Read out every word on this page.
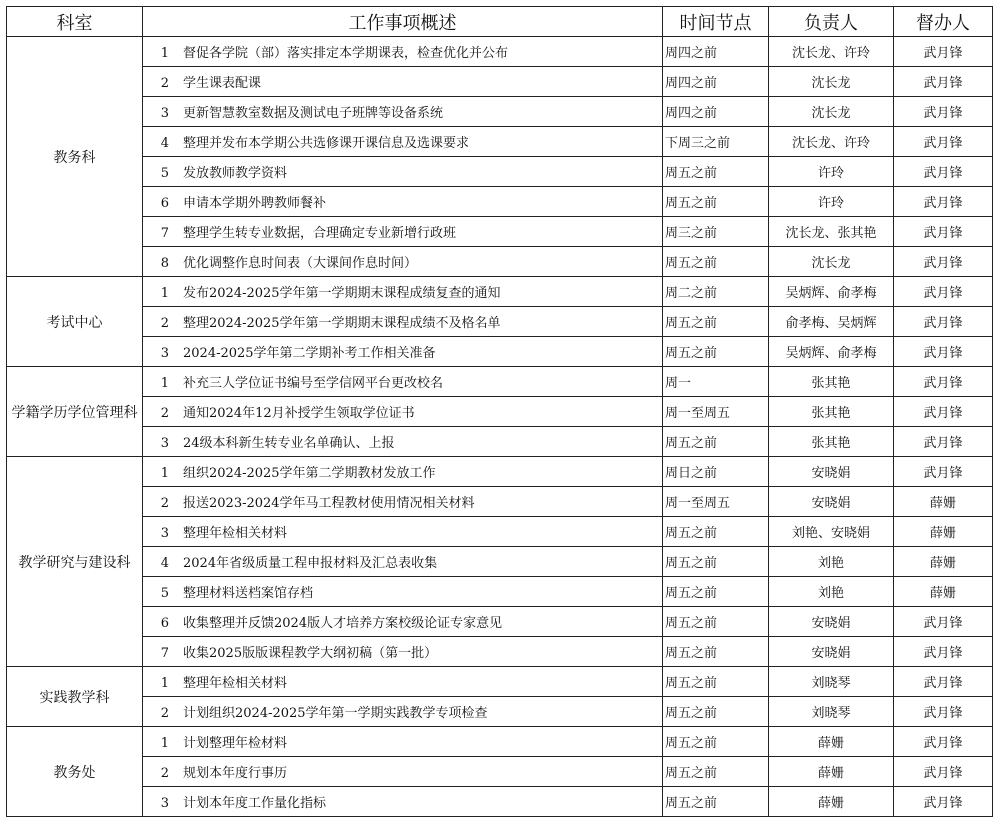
科室	工作事项概述	时间节点	负责人	督办人
教务科	1 督促各学院（部）落实排定本学期课表，检查优化并公布	周四之前	沈长龙、许玲	武月锋
	2 学生课表配课	周四之前	沈长龙	武月锋
	3 更新智慧教室数据及测试电子班牌等设备系统	周四之前	沈长龙	武月锋
	4 整理并发布本学期公共选修课开课信息及选课要求	下周三之前	沈长龙、许玲	武月锋
	5 发放教师教学资料	周五之前	许玲	武月锋
	6 申请本学期外聘教师餐补	周五之前	许玲	武月锋
	7 整理学生转专业数据，合理确定专业新增行政班	周三之前	沈长龙、张其艳	武月锋
	8 优化调整作息时间表（大课间作息时间）	周五之前	沈长龙	武月锋
考试中心	1 发布2024-2025学年第一学期期末课程成绩复查的通知	周二之前	吴炳辉、俞孝梅	武月锋
	2 整理2024-2025学年第一学期期末课程成绩不及格名单	周五之前	俞孝梅、吴炳辉	武月锋
	3 2024-2025学年第二学期补考工作相关准备	周五之前	吴炳辉、俞孝梅	武月锋
学籍学历学位管理科	1 补充三人学位证书编号至学信网平台更改校名	周一	张其艳	武月锋
	2 通知2024年12月补授学生领取学位证书	周一至周五	张其艳	武月锋
	3 24级本科新生转专业名单确认、上报	周五之前	张其艳	武月锋
教学研究与建设科	1 组织2024-2025学年第二学期教材发放工作	周日之前	安晓娟	武月锋
	2 报送2023-2024学年马工程教材使用情况相关材料	周一至周五	安晓娟	薛姗
	3 整理年检相关材料	周五之前	刘艳、安晓娟	薛姗
	4 2024年省级质量工程申报材料及汇总表收集	周五之前	刘艳	薛姗
	5 整理材料送档案馆存档	周五之前	刘艳	薛姗
	6 收集整理并反馈2024版人才培养方案校级论证专家意见	周五之前	安晓娟	武月锋
	7 收集2025版版课程教学大纲初稿（第一批）	周五之前	安晓娟	武月锋
实践教学科	1 整理年检相关材料	周五之前	刘晓琴	武月锋
	2 计划组织2024-2025学年第一学期实践教学专项检查	周五之前	刘晓琴	武月锋
教务处	1 计划整理年检材料	周五之前	薛姗	武月锋
	2 规划本年度行事历	周五之前	薛姗	武月锋
	3 计划本年度工作量化指标	周五之前	薛姗	武月锋
